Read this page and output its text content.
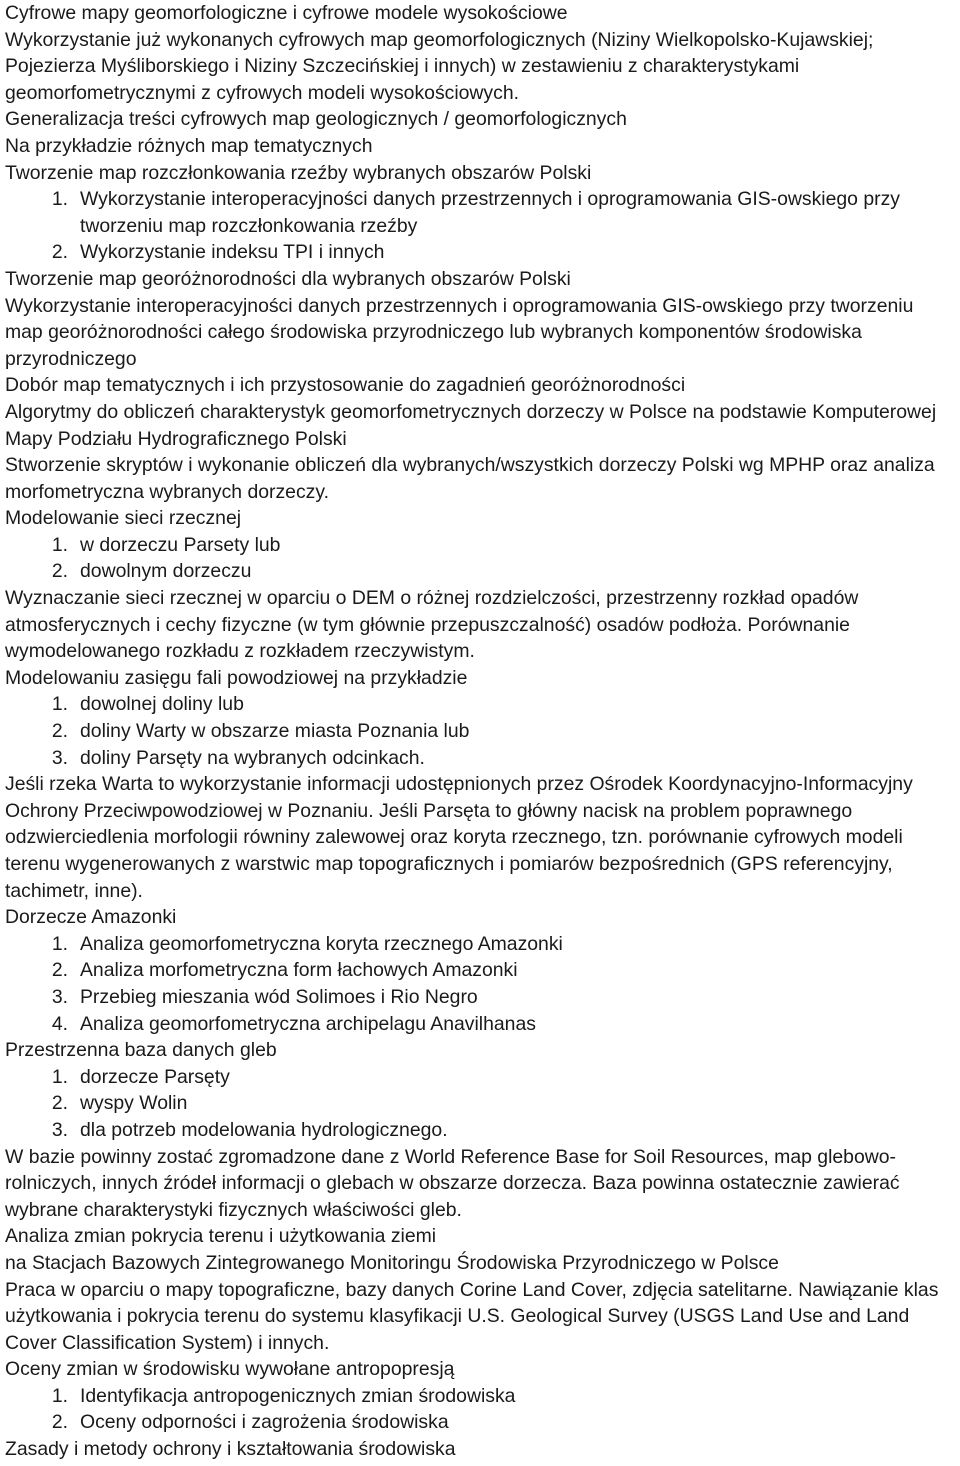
Cyfrowe mapy geomorfologiczne i cyfrowe modele wysokościowe

Wykorzystanie już wykonanych cyfrowych map geomorfologicznych (Niziny Wielkopolsko-Kujawskiej; Pojezierza Myśliborskiego i Niziny Szczecińskiej i innych) w zestawieniu z charakterystykami geomorfometrycznymi z cyfrowych modeli wysokościowych.

Generalizacja treści cyfrowych map geologicznych / geomorfologicznych

Na przykładzie różnych map tematycznych

Tworzenie map rozczłonkowania rzeźby wybranych obszarów Polski

1. Wykorzystanie interoperacyjności danych przestrzennych i oprogramowania GIS-owskiego przy tworzeniu map rozczłonkowania rzeźby
2. Wykorzystanie indeksu TPI i innych

Tworzenie map georóżnorodności dla wybranych obszarów Polski

Wykorzystanie interoperacyjności danych przestrzennych i oprogramowania GIS-owskiego przy tworzeniu map georóżnorodności całego środowiska przyrodniczego lub wybranych komponentów środowiska przyrodniczego

Dobór map tematycznych i ich przystosowanie do zagadnień georóżnorodności

Algorytmy do obliczeń charakterystyk geomorfometrycznych dorzeczy w Polsce na podstawie Komputerowej Mapy Podziału Hydrograficznego Polski

Stworzenie skryptów i wykonanie obliczeń dla wybranych/wszystkich dorzeczy Polski wg MPHP oraz analiza morfometryczna wybranych dorzeczy.

Modelowanie sieci rzecznej

1. w dorzeczu Parsety lub
2. dowolnym dorzeczu

Wyznaczanie sieci rzecznej w oparciu o DEM o różnej rozdzielczości, przestrzenny rozkład opadów atmosferycznych i cechy fizyczne (w tym głównie przepuszczalność) osadów podłoża. Porównanie wymodelowanego rozkładu z rozkładem rzeczywistym.

Modelowaniu zasięgu fali powodziowej na przykładzie

1. dowolnej doliny lub
2. doliny Warty w obszarze miasta Poznania lub
3. doliny Parsęty na wybranych odcinkach.

Jeśli rzeka Warta to wykorzystanie informacji udostępnionych przez Ośrodek Koordynacyjno-Informacyjny Ochrony Przeciwpowodziowej w Poznaniu. Jeśli Parsęta to główny nacisk na problem poprawnego odzwierciedlenia morfologii równiny zalewowej oraz koryta rzecznego, tzn. porównanie cyfrowych modeli terenu wygenerowanych z warstwic map topograficznych i pomiarów bezpośrednich (GPS referencyjny, tachimetr, inne).

Dorzecze Amazonki

1. Analiza geomorfometryczna koryta rzecznego Amazonki
2. Analiza morfometryczna form łachowych Amazonki
3. Przebieg mieszania wód Solimoes i Rio Negro
4. Analiza geomorfometryczna archipelagu Anavilhanas

Przestrzenna baza danych gleb

1. dorzecze Parsęty
2. wyspy Wolin
3. dla potrzeb modelowania hydrologicznego.

W bazie powinny zostać zgromadzone dane z World Reference Base for Soil Resources, map glebowo-rolniczych, innych źródeł informacji o glebach w obszarze dorzecza. Baza powinna ostatecznie zawierać wybrane charakterystyki fizycznych właściwości gleb.

Analiza zmian pokrycia terenu i użytkowania ziemi

na Stacjach Bazowych Zintegrowanego Monitoringu Środowiska Przyrodniczego w Polsce

Praca w oparciu o mapy topograficzne, bazy danych Corine Land Cover, zdjęcia satelitarne. Nawiązanie klas użytkowania i pokrycia terenu do systemu klasyfikacji U.S. Geological Survey (USGS Land Use and Land Cover Classification System) i innych.

Oceny zmian w środowisku wywołane antropopresją

1. Identyfikacja antropogenicznych zmian środowiska
2. Oceny odporności i zagrożenia środowiska

Zasady i metody ochrony i kształtowania środowiska
